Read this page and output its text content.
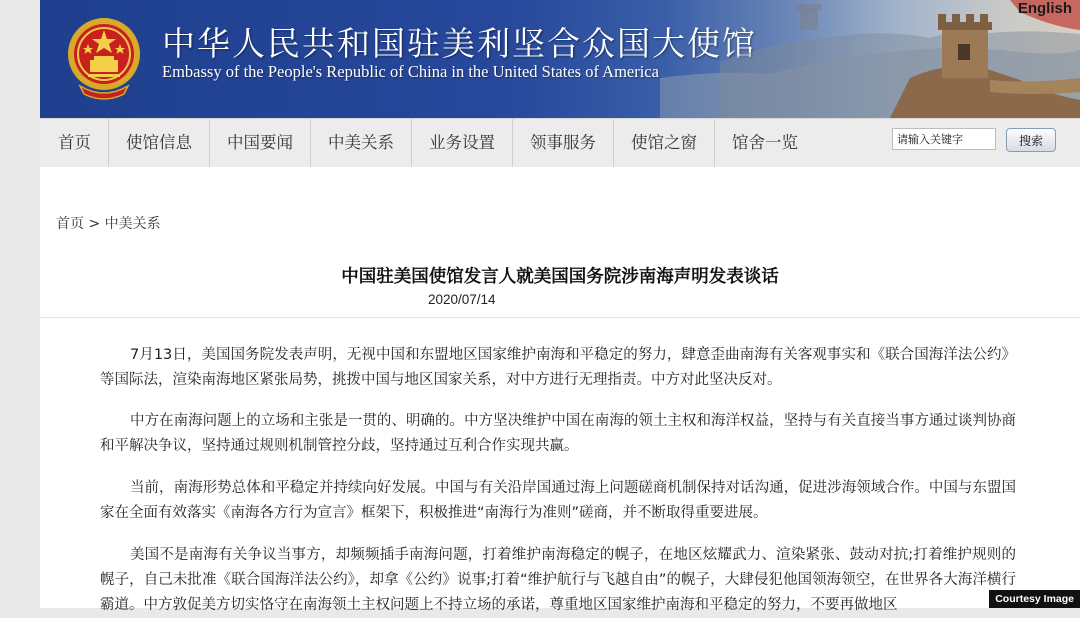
中华人民共和国驻美利坚合众国大使馆
Embassy of the People's Republic of China in the United States of America
English
首页	使馆信息	中国要闻	中美关系	业务设置	领事服务	使馆之窗	馆舍一览
请输入关键字	搜索
首页 > 中美关系
中国驻美国使馆发言人就美国国务院涉南海声明发表谈话
2020/07/14

7月13日，美国国务院发表声明，无视中国和东盟地区国家维护南海和平稳定的努力，肆意歪曲南海有关客观事实和《联合国海洋法公约》等国际法，渲染南海地区紧张局势，挑拨中国与地区国家关系，对中方进行无理指责。中方对此坚决反对。

中方在南海问题上的立场和主张是一贯的、明确的。中方坚决维护中国在南海的领土主权和海洋权益，坚持与有关直接当事方通过谈判协商和平解决争议，坚持通过规则机制管控分歧，坚持通过互利合作实现共赢。

当前，南海形势总体和平稳定并持续向好发展。中国与有关沿岸国通过海上问题磋商机制保持对话沟通，促进涉海领域合作。中国与东盟国家在全面有效落实《南海各方行为宣言》框架下，积极推进“南海行为准则”磋商，并不断取得重要进展。

美国不是南海有关争议当事方，却频频插手南海问题，打着维护南海稳定的幌子，在地区炫耀武力、渲染紧张、鼓动对抗;打着维护规则的幌子，自己未批准《联合国海洋法公约》，却拿《公约》说事;打着“维护航行与飞越自由”的幌子，大肆侵犯他国领海领空，在世界各大海洋横行霸道。中方敦促美方切实恪守在南海领土主权问题上不持立场的承诺，尊重地区国家维护南海和平稳定的努力，不要再做地区	Courtesy Image
